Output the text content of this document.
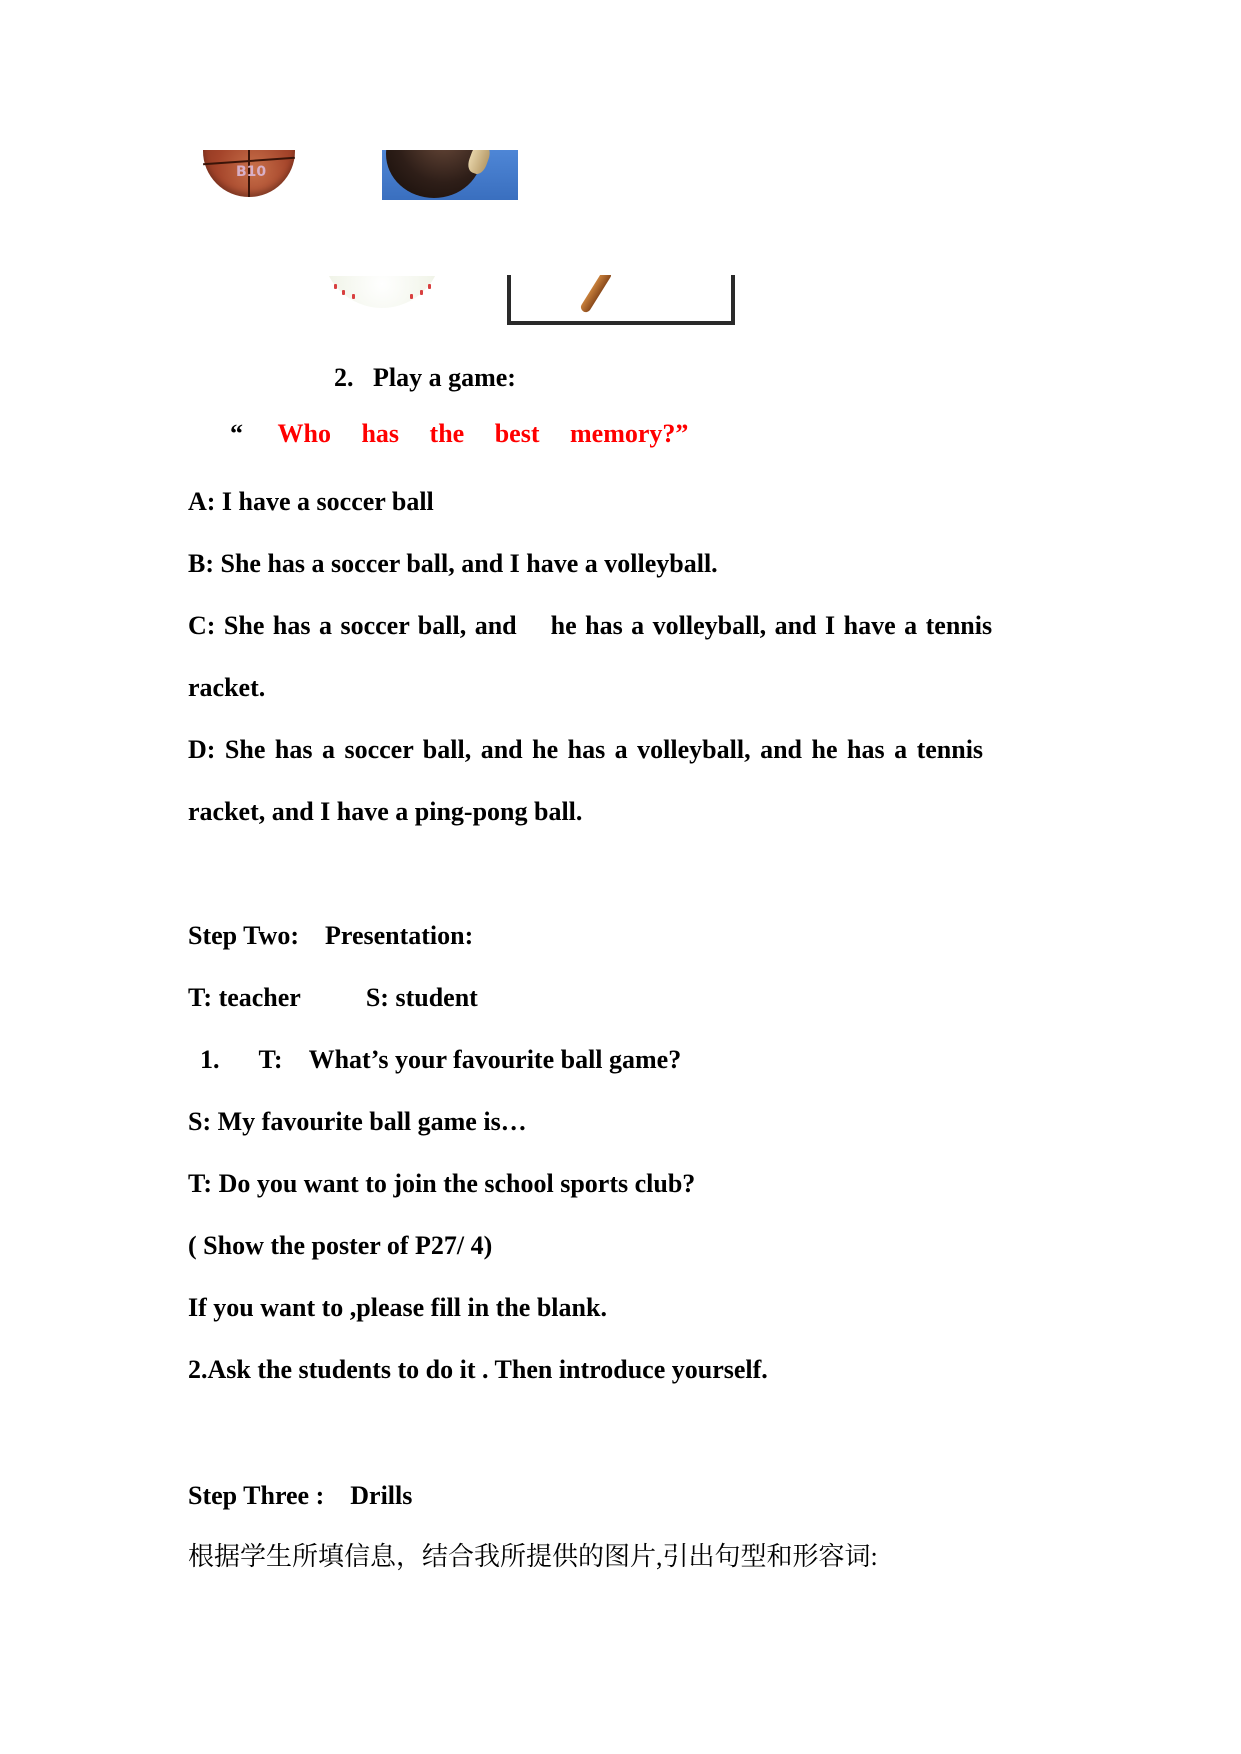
B10
2.   Play a game:
“ Who has the best memory?”
A: I have a soccer ball
B: She has a soccer ball, and I have a volleyball.
C: She has a soccer ball, and    he has a volleyball, and I have a tennis
racket.
D: She has a soccer ball, and he has a volleyball, and he has a tennis
racket, and I have a ping-pong ball.
Step Two:    Presentation:
T: teacher          S: student
1.      T:    What’s your favourite ball game?
S: My favourite ball game is…
T: Do you want to join the school sports club?
( Show the poster of P27/ 4)
If you want to ,please fill in the blank.
2.Ask the students to do it . Then introduce yourself.
Step Three :    Drills
根据学生所填信息，结合我所提供的图片,引出句型和形容词:
